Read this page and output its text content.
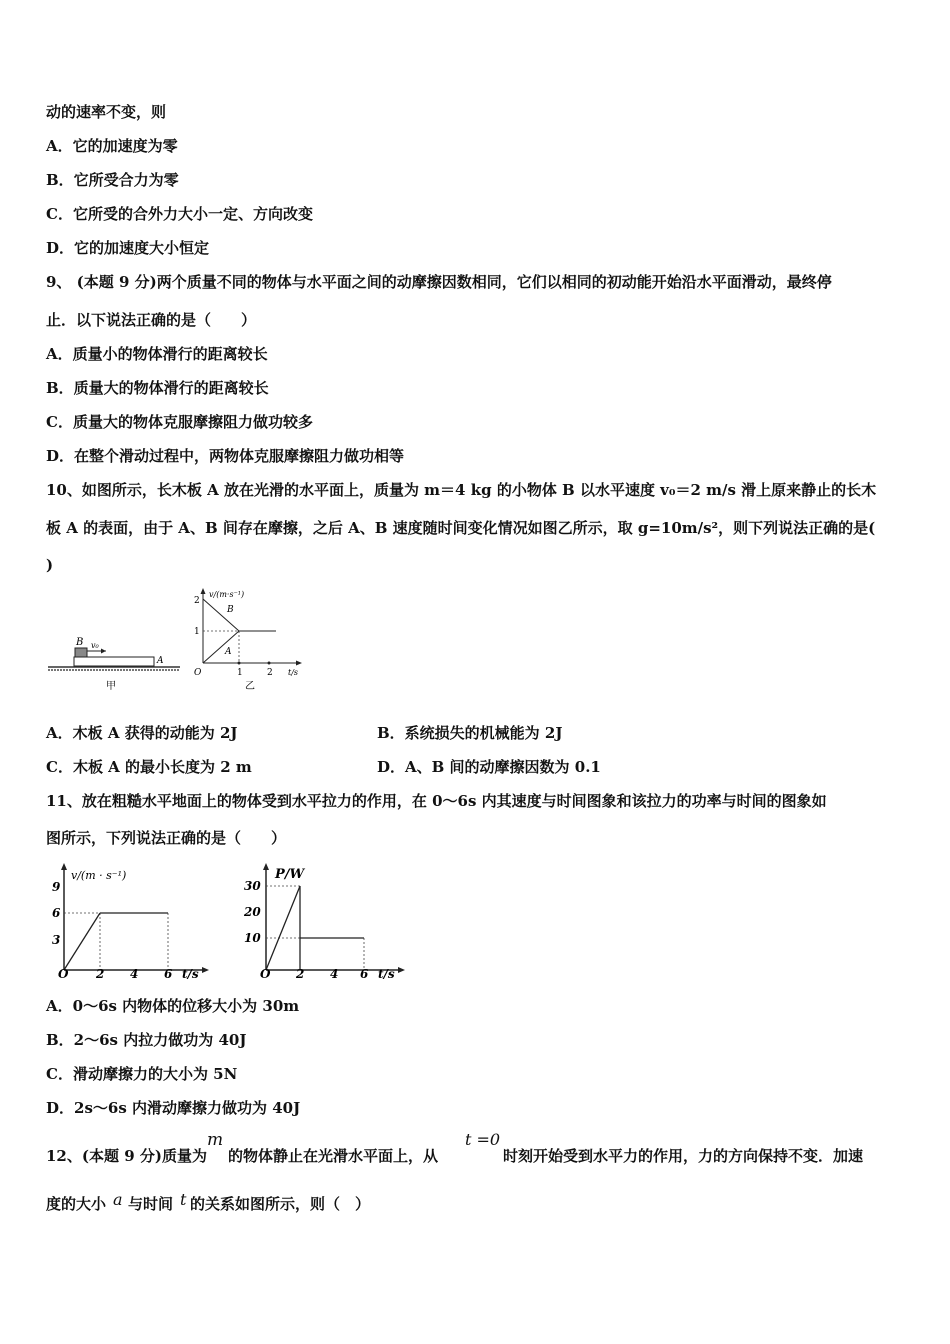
动的速率不变，则
A．它的加速度为零
B．它所受合力为零
C．它所受的合外力大小一定、方向改变
D．它的加速度大小恒定
9、 (本题 9 分)两个质量不同的物体与水平面之间的动摩擦因数相同，它们以相同的初动能开始沿水平面滑动，最终停
止．以下说法正确的是（　　）
A．质量小的物体滑行的距离较长
B．质量大的物体滑行的距离较长
C．质量大的物体克服摩擦阻力做功较多
D．在整个滑动过程中，两物体克服摩擦阻力做功相等
10、如图所示，长木板 A 放在光滑的水平面上，质量为 m＝4 kg 的小物体 B 以水平速度 v₀＝2 m/s 滑上原来静止的长木
板 A 的表面，由于 A、B 间存在摩擦，之后 A、B 速度随时间变化情况如图乙所示，取 g=10m/s²，则下列说法正确的是(
)
B v₀
A
甲
v/(m·s⁻¹)
2
1
B
A
O	1	2 t/s
乙
A．木板 A 获得的动能为 2J	B．系统损失的机械能为 2J
C．木板 A 的最小长度为 2 m	D．A、B 间的动摩擦因数为 0.1
11、放在粗糙水平地面上的物体受到水平拉力的作用，在 0～6s 内其速度与时间图象和该拉力的功率与时间的图象如
图所示，下列说法正确的是（　　）
v/(m · s⁻¹)
9
6
3
O 2 4 6 t/s
P/W
30
20
10
O 2 4 6 t/s
A．0～6s 内物体的位移大小为 30m
B．2～6s 内拉力做功为 40J
C．滑动摩擦力的大小为 5N
D．2s～6s 内滑动摩擦力做功为 40J
12、(本题 9 分)质量为
m
的物体静止在光滑水平面上，从
t =0
时刻开始受到水平力的作用，力的方向保持不变．加速
度的大小 a 与时间 t 的关系如图所示，则（　）
